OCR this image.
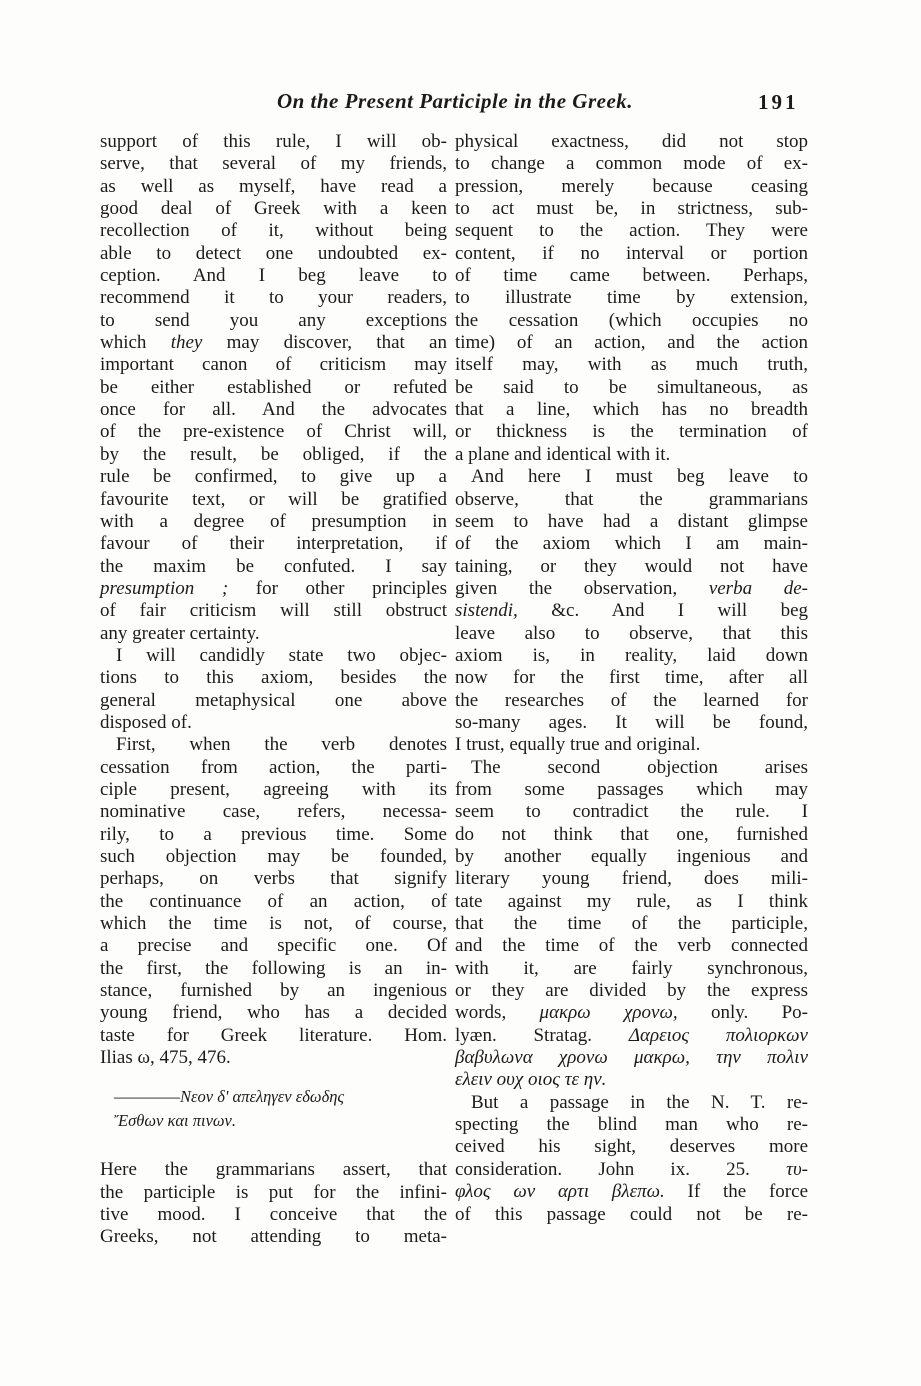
On the Present Participle in the Greek.	191
support of this rule, I will ob-
serve, that several of my friends,
as well as myself, have read a
good deal of Greek with a keen
recollection of it, without being
able to detect one undoubted ex-
ception. And I beg leave to
recommend it to your readers,
to send you any exceptions
which they may discover, that an
important canon of criticism may
be either established or refuted
once for all. And the advocates
of the pre-existence of Christ will,
by the result, be obliged, if the
rule be confirmed, to give up a
favourite text, or will be gratified
with a degree of presumption in
favour of their interpretation, if
the maxim be confuted. I say
presumption ; for other principles
of fair criticism will still obstruct
any greater certainty.
I will candidly state two objec-
tions to this axiom, besides the
general metaphysical one above
disposed of.
First, when the verb denotes
cessation from action, the parti-
ciple present, agreeing with its
nominative case, refers, necessa-
rily, to a previous time. Some
such objection may be founded,
perhaps, on verbs that signify
the continuance of an action, of
which the time is not, of course,
a precise and specific one. Of
the first, the following is an in-
stance, furnished by an ingenious
young friend, who has a decided
taste for Greek literature. Hom.
Ilias ω, 475, 476.
————Νεον δ' απεληγεν εδωδης
Ἔσθων και πινων.
Here the grammarians assert, that
the participle is put for the infini-
tive mood. I conceive that the
Greeks, not attending to meta-
physical exactness, did not stop
to change a common mode of ex-
pression, merely because ceasing
to act must be, in strictness, sub-
sequent to the action. They were
content, if no interval or portion
of time came between. Perhaps,
to illustrate time by extension,
the cessation (which occupies no
time) of an action, and the action
itself may, with as much truth,
be said to be simultaneous, as
that a line, which has no breadth
or thickness is the termination of
a plane and identical with it.
And here I must beg leave to
observe, that the grammarians
seem to have had a distant glimpse
of the axiom which I am main-
taining, or they would not have
given the observation, verba de-
sistendi, &c. And I will beg
leave also to observe, that this
axiom is, in reality, laid down
now for the first time, after all
the researches of the learned for
so-many ages. It will be found,
I trust, equally true and original.
The second objection arises
from some passages which may
seem to contradict the rule. I
do not think that one, furnished
by another equally ingenious and
literary young friend, does mili-
tate against my rule, as I think
that the time of the participle,
and the time of the verb connected
with it, are fairly synchronous,
or they are divided by the express
words, μακρω χρονω, only. Po-
lyæn. Stratag. Δαρειος πολιορκων
βαβυλωνα χρονω μακρω, την πολιν
ελειν ουχ οιος τε ην.
But a passage in the N. T. re-
specting the blind man who re-
ceived his sight, deserves more
consideration. John ix. 25. τυ-
φλος ων αρτι βλεπω. If the force
of this passage could not be re-
